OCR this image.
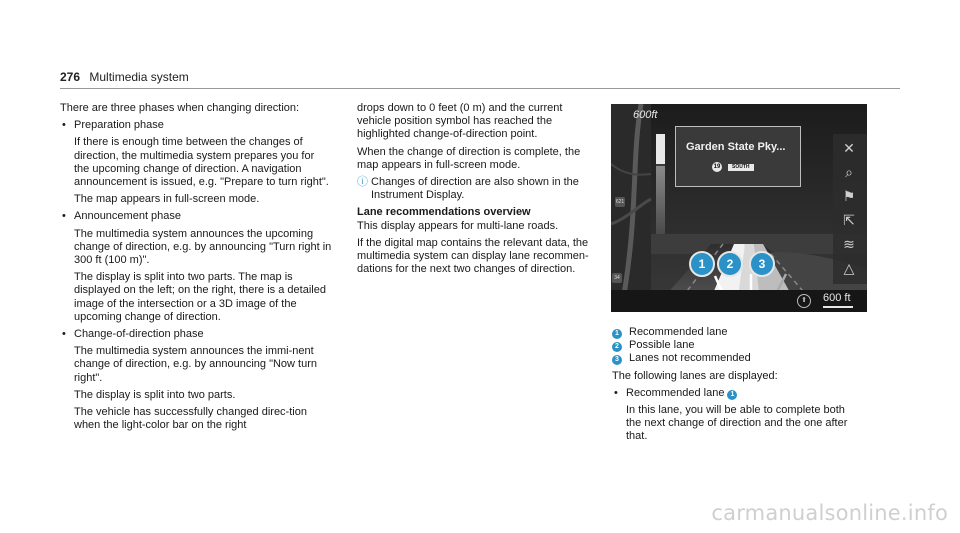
276 Multimedia system

There are three phases when changing direction:

• Preparation phase

If there is enough time between the changes of direction, the multimedia system prepares you for the upcoming change of direction. A navigation announcement is issued, e.g. "Prepare to turn right".

The map appears in full-screen mode.

• Announcement phase

The multimedia system announces the upcoming change of direction, e.g. by announcing "Turn right in 300 ft (100 m)".

The display is split into two parts. The map is displayed on the left; on the right, there is a detailed image of the intersection or a 3D image of the upcoming change of direction.

• Change-of-direction phase

The multimedia system announces the immi-nent change of direction, e.g. by announcing "Now turn right".

The display is split into two parts.

The vehicle has successfully changed direc-tion when the light-color bar on the right

drops down to 0 feet (0 m) and the current vehicle position symbol has reached the highlighted change-of-direction point.

When the change of direction is complete, the map appears in full-screen mode.

ⓘ Changes of direction are also shown in the Instrument Display.

Lane recommendations overview

This display appears for multi-lane roads.

If the digital map contains the relevant data, the multimedia system can display lane recommen-dations for the next two changes of direction.

600ft
Garden State Pky...
19	SOUTH
621
34
✕
⌕
⚑
⇱
≋
△
1	2	3
⬆	600 ft

1 Recommended lane

2 Possible lane

3 Lanes not recommended

The following lanes are displayed:

• Recommended lane 1

In this lane, you will be able to complete both the next change of direction and the one after that.

carmanualsonline.info
